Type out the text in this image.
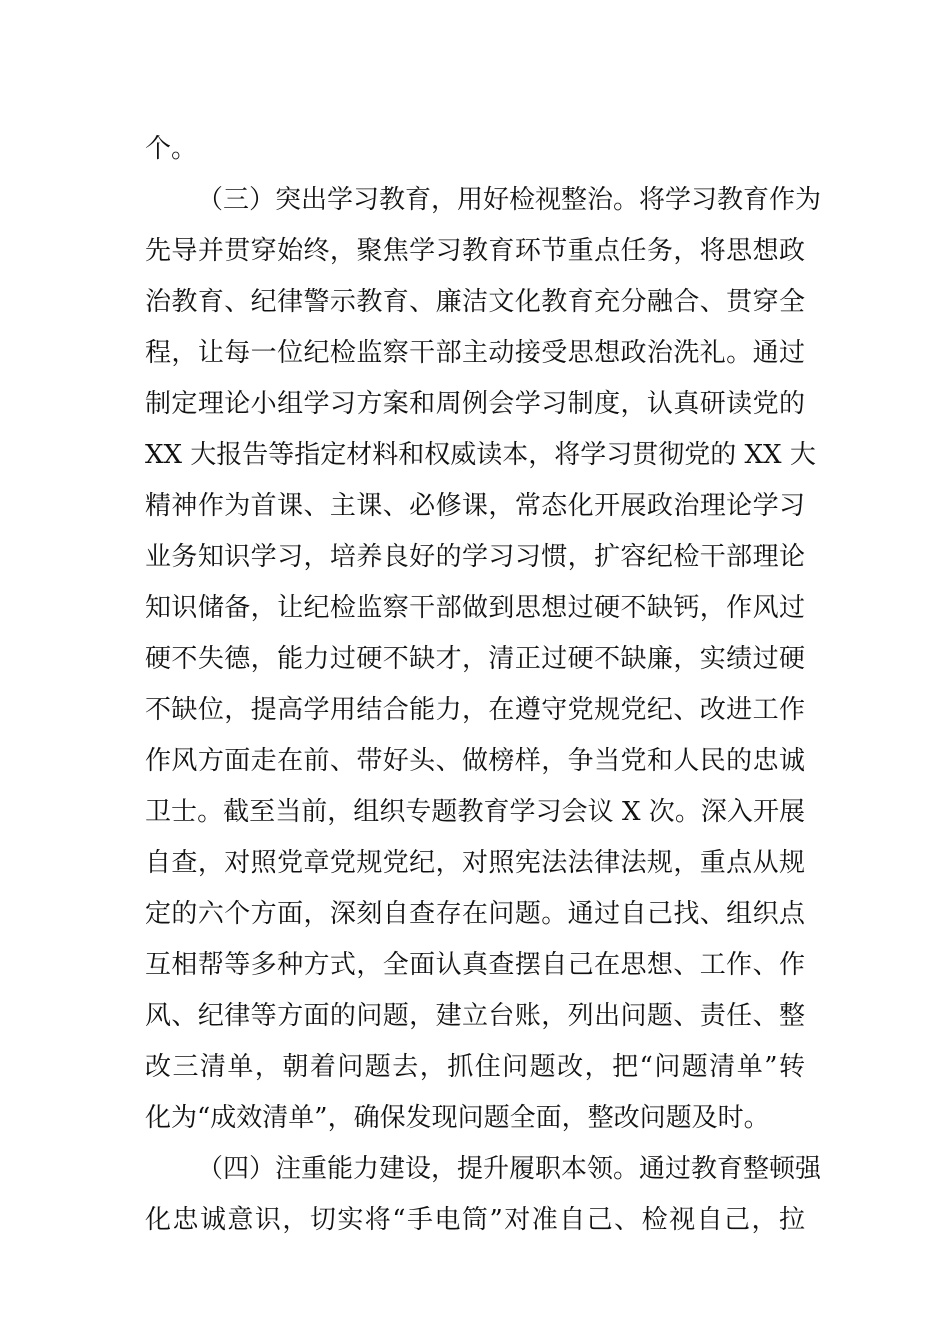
个。
（三）突出学习教育，用好检视整治。将学习教育作为
先导并贯穿始终，聚焦学习教育环节重点任务，将思想政
治教育、纪律警示教育、廉洁文化教育充分融合、贯穿全
程，让每一位纪检监察干部主动接受思想政治洗礼。通过
制定理论小组学习方案和周例会学习制度，认真研读党的
XX 大报告等指定材料和权威读本，将学习贯彻党的 XX 大
精神作为首课、主课、必修课，常态化开展政治理论学习
业务知识学习，培养良好的学习习惯，扩容纪检干部理论
知识储备，让纪检监察干部做到思想过硬不缺钙，作风过
硬不失德，能力过硬不缺才，清正过硬不缺廉，实绩过硬
不缺位，提高学用结合能力，在遵守党规党纪、改进工作
作风方面走在前、带好头、做榜样，争当党和人民的忠诚
卫士。截至当前，组织专题教育学习会议 X 次。深入开展
自查，对照党章党规党纪，对照宪法法律法规，重点从规
定的六个方面，深刻自查存在问题。通过自己找、组织点
互相帮等多种方式，全面认真查摆自己在思想、工作、作
风、纪律等方面的问题，建立台账，列出问题、责任、整
改三清单，朝着问题去，抓住问题改，把“问题清单”转
化为“成效清单”，确保发现问题全面，整改问题及时。
（四）注重能力建设，提升履职本领。通过教育整顿强
化忠诚意识，切实将“手电筒”对准自己、检视自己，拉
